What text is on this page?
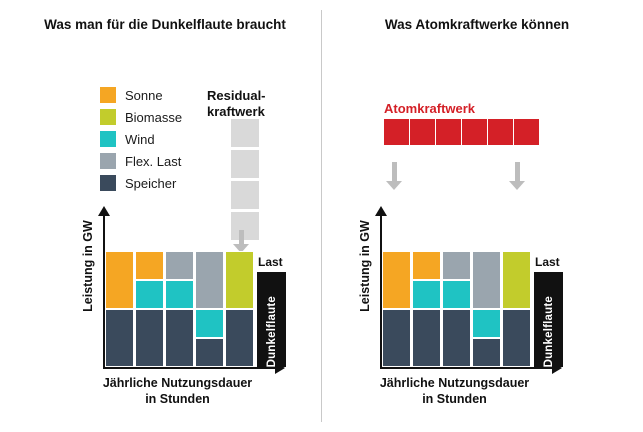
Was man für die Dunkelflaute braucht	Was Atomkraftwerke können
Sonne
Biomasse
Wind
Flex. Last
Speicher
Residual-
kraftwerk	Atomkraftwerk
Leistung in GW
Jährliche Nutzungsdauer
in Stunden
Last
Dunkelflaute
Leistung in GW
Jährliche Nutzungsdauer
in Stunden
Last
Dunkelflaute
